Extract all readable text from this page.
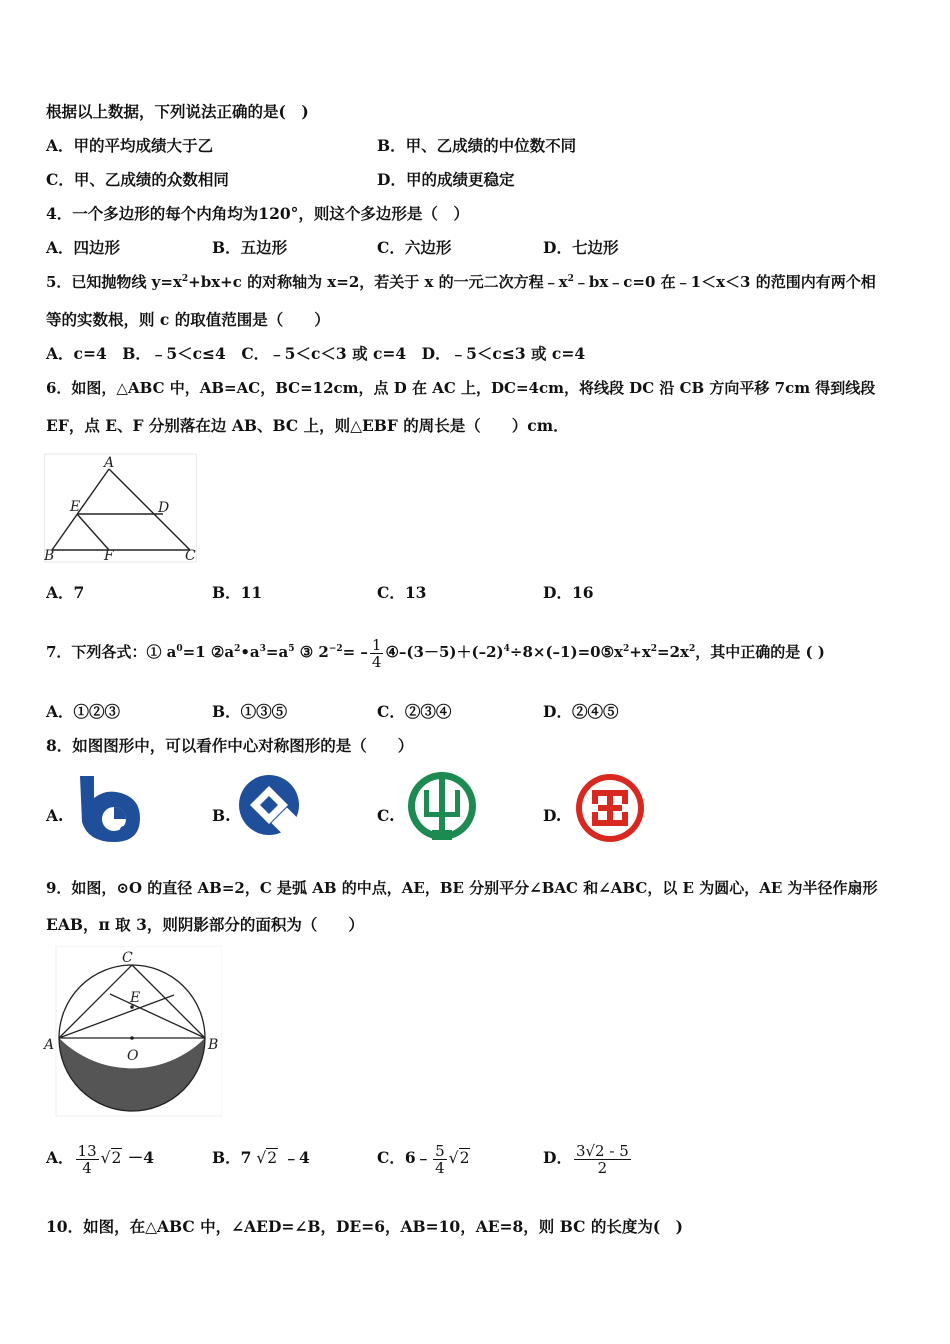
根据以上数据，下列说法正确的是(　)
A．甲的平均成绩大于乙	B．甲、乙成绩的中位数不同
C．甲、乙成绩的众数相同	D．甲的成绩更稳定
4．一个多边形的每个内角均为120°，则这个多边形是（　）
A．四边形	B．五边形	C．六边形	D．七边形
5．已知抛物线 $y=x^2+bx+c$ 的对称轴为 x=2，若关于 x 的一元二次方程$﹣x^2﹣bx﹣c=0$ 在﹣1＜x＜3 的范围内有两个相
等的实数根，则 c 的取值范围是（　　）
A．c=4　B．﹣5＜c≤4　C．﹣5＜c＜3 或 c=4　D．﹣5＜c≤3 或 c=4
6．如图，△ABC 中，AB=AC，BC=12cm，点 D 在 AC 上，DC=4cm，将线段 DC 沿 CB 方向平移 7cm 得到线段
EF，点 E、F 分别落在边 AB、BC 上，则△EBF 的周长是（　　）cm．
A
E	D
B	F	C
A．7	B．11	C．13	D．16
7．下列各式：① $a^0=1$ $②a^2•a^3=a^5$ ③ $2^{-2}= - \frac{1}{4}$ $④-(3-5)+(-2)^4\div 8\times(-1)=0⑤x^2+x^2=2x^2$，其中正确的是 ( )
A．①②③	B．①③⑤	C．②③④	D．②④⑤
8．如图图形中，可以看作中心对称图形的是（　　）
A.	B.	C.	D.
9．如图，⊙O 的直径 AB=2，C 是弧 AB 的中点，AE，BE 分别平分∠BAC 和∠ABC，以 E 为圆心，AE 为半径作扇形
EAB，π 取 3，则阴影部分的面积为（　　）
C
E
A	B
O
A． $\frac{13}{4} √2 -4$	B．7 √2 ﹣4	C．6﹣ $\frac{5}{4} √2$	D． $\frac{3√2 - 5}{2}$
10．如图，在△ABC 中，∠AED=∠B，DE=6，AB=10，AE=8，则 BC 的长度为(　)
